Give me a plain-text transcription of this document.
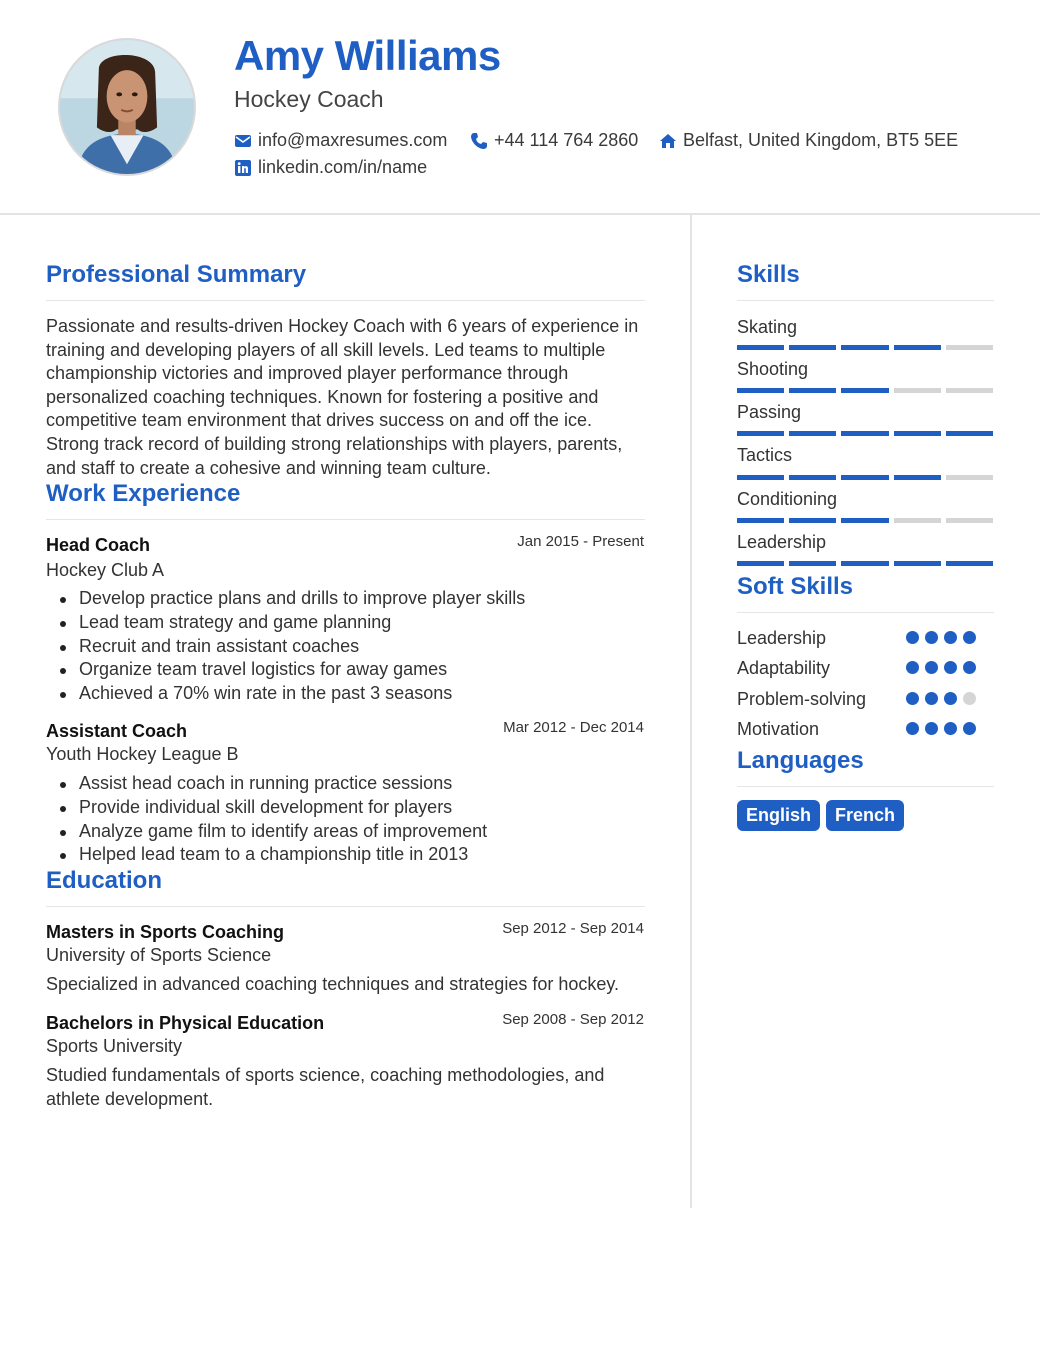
Amy Williams
Hockey Coach
info@maxresumes.com	+44 114 764 2860 Belfast, United Kingdom, BT5 5EE
linkedin.com/in/name
Professional Summary
Passionate and results-driven Hockey Coach with 6 years of experience in training and developing players of all skill levels. Led teams to multiple championship victories and improved player performance through personalized coaching techniques. Known for fostering a positive and competitive team environment that drives success on and off the ice. Strong track record of building strong relationships with players, parents, and staff to create a cohesive and winning team culture.
Work Experience
Head Coach	Jan 2015 - Present
Hockey Club A
Develop practice plans and drills to improve player skills
Lead team strategy and game planning
Recruit and train assistant coaches
Organize team travel logistics for away games
Achieved a 70% win rate in the past 3 seasons
Assistant Coach	Mar 2012 - Dec 2014
Youth Hockey League B
Assist head coach in running practice sessions
Provide individual skill development for players
Analyze game film to identify areas of improvement
Helped lead team to a championship title in 2013
Education
Masters in Sports Coaching	Sep 2012 - Sep 2014
University of Sports Science
Specialized in advanced coaching techniques and strategies for hockey.
Bachelors in Physical Education	Sep 2008 - Sep 2012
Sports University
Studied fundamentals of sports science, coaching methodologies, and athlete development.
Skills
Skating
Shooting
Passing
Tactics
Conditioning
Leadership
Soft Skills
Leadership
Adaptability
Problem-solving
Motivation
Languages
English	French
